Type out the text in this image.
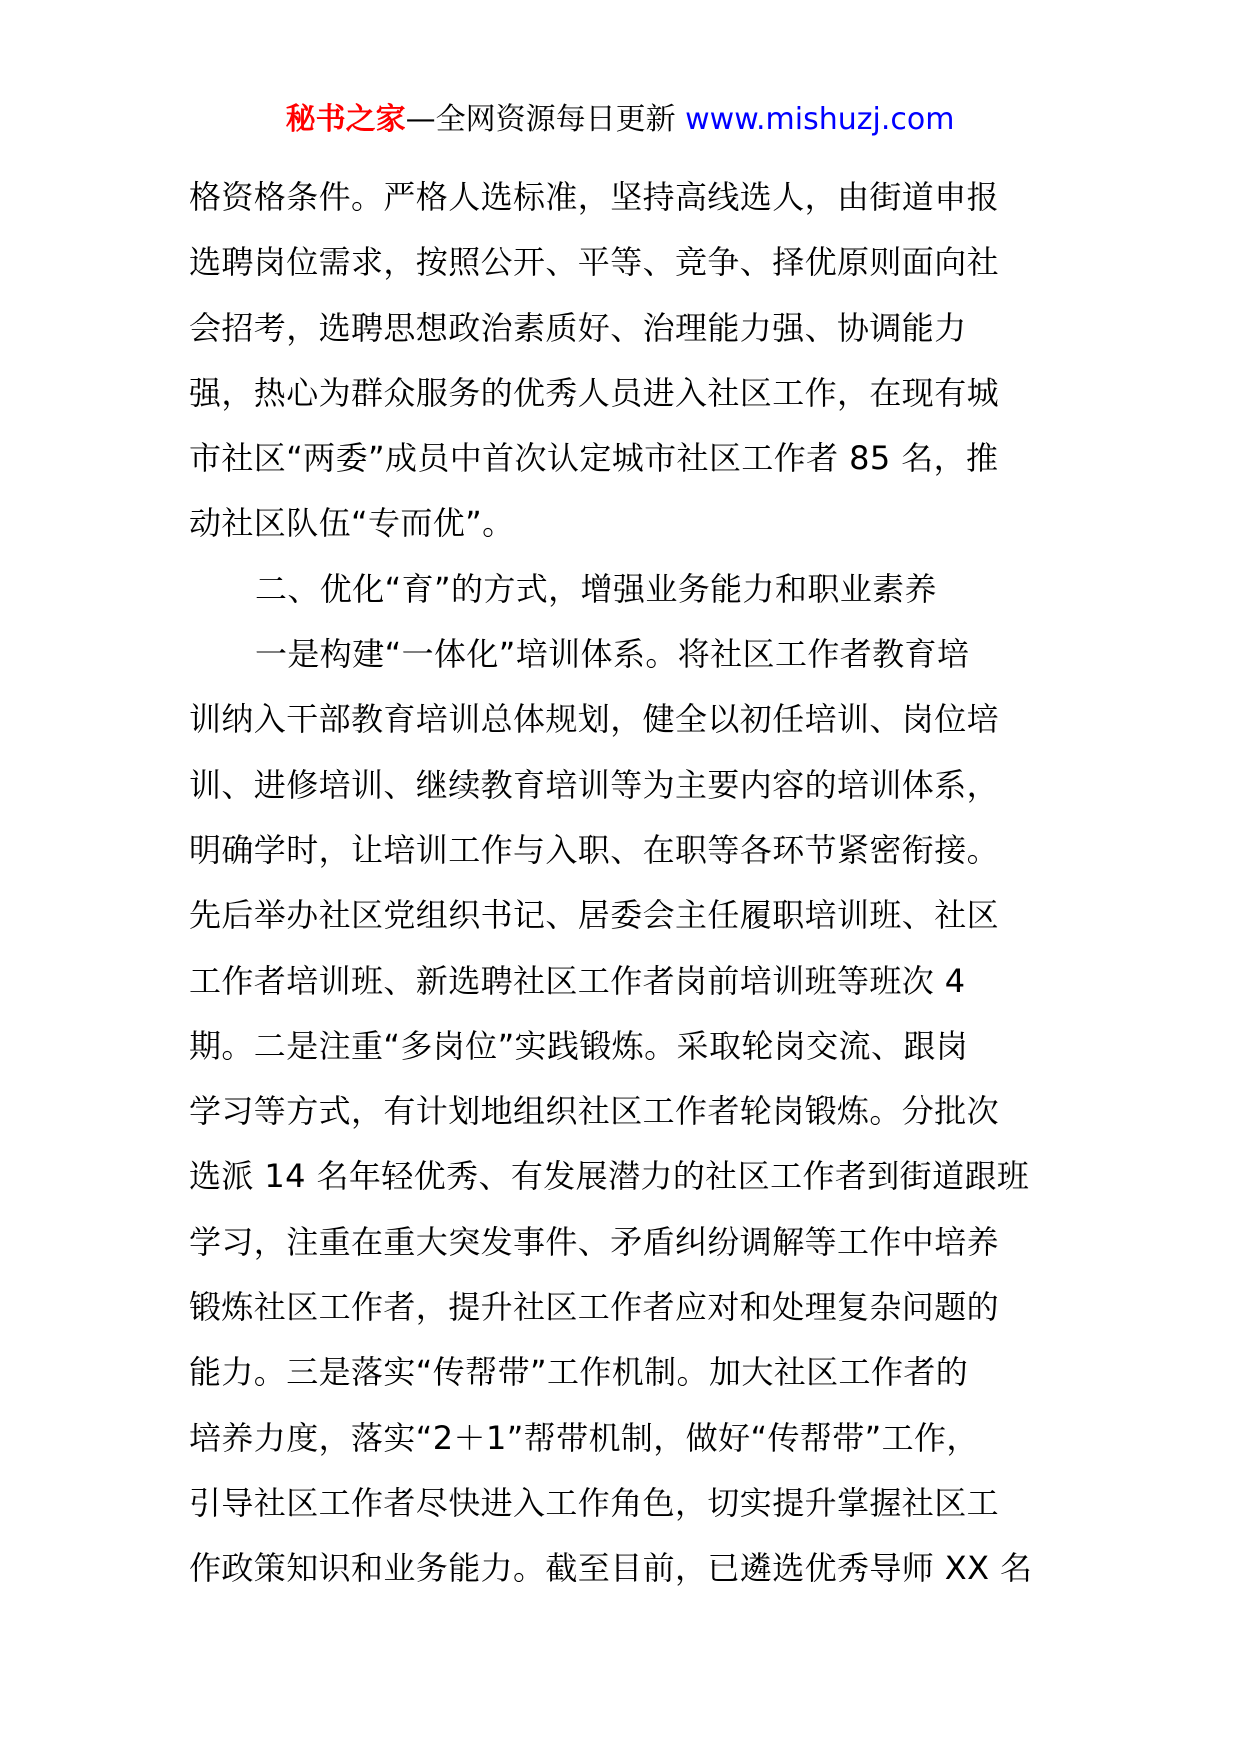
秘书之家—全网资源每日更新 www.mishuzj.com
格资格条件。严格人选标准，坚持高线选人，由街道申报
选聘岗位需求，按照公开、平等、竞争、择优原则面向社
会招考，选聘思想政治素质好、治理能力强、协调能力
强，热心为群众服务的优秀人员进入社区工作，在现有城
市社区“两委”成员中首次认定城市社区工作者 85 名，推
动社区队伍“专而优”。
二、优化“育”的方式，增强业务能力和职业素养
一是构建“一体化”培训体系。将社区工作者教育培
训纳入干部教育培训总体规划，健全以初任培训、岗位培
训、进修培训、继续教育培训等为主要内容的培训体系，
明确学时，让培训工作与入职、在职等各环节紧密衔接。
先后举办社区党组织书记、居委会主任履职培训班、社区
工作者培训班、新选聘社区工作者岗前培训班等班次 4
期。二是注重“多岗位”实践锻炼。采取轮岗交流、跟岗
学习等方式，有计划地组织社区工作者轮岗锻炼。分批次
选派 14 名年轻优秀、有发展潜力的社区工作者到街道跟班
学习，注重在重大突发事件、矛盾纠纷调解等工作中培养
锻炼社区工作者，提升社区工作者应对和处理复杂问题的
能力。三是落实“传帮带”工作机制。加大社区工作者的
培养力度，落实“2＋1”帮带机制，做好“传帮带”工作，
引导社区工作者尽快进入工作角色，切实提升掌握社区工
作政策知识和业务能力。截至目前，已遴选优秀导师 XX 名
